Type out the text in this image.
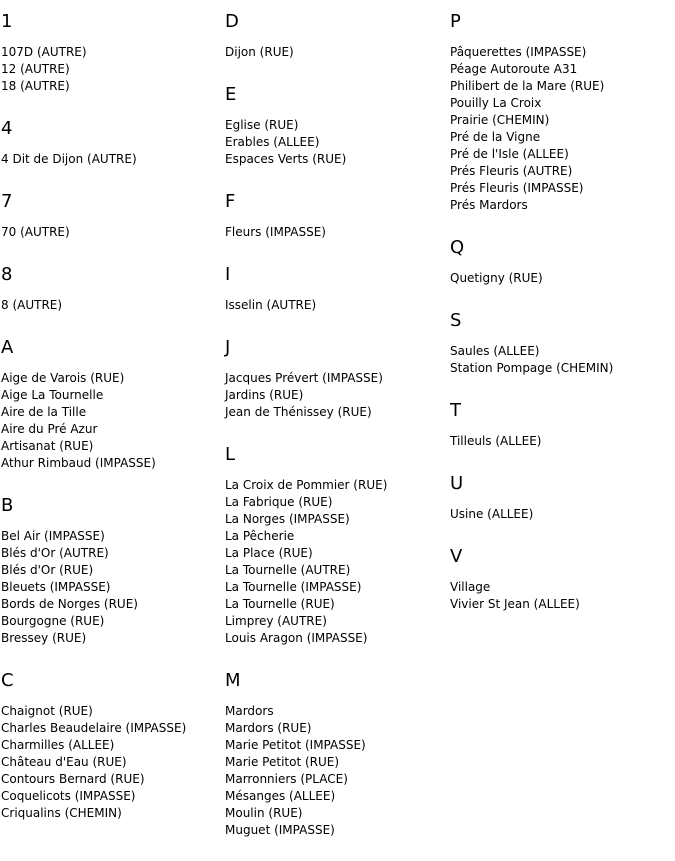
1
107D (AUTRE)
12 (AUTRE)
18 (AUTRE)
4
4 Dit de Dijon (AUTRE)
7
70 (AUTRE)
8
8 (AUTRE)
A
Aige de Varois (RUE)
Aige La Tournelle
Aire de la Tille
Aire du Pré Azur
Artisanat (RUE)
Athur Rimbaud (IMPASSE)
B
Bel Air (IMPASSE)
Blés d'Or (AUTRE)
Blés d'Or (RUE)
Bleuets (IMPASSE)
Bords de Norges (RUE)
Bourgogne (RUE)
Bressey (RUE)
C
Chaignot (RUE)
Charles Beaudelaire (IMPASSE)
Charmilles (ALLEE)
Château d'Eau (RUE)
Contours Bernard (RUE)
Coquelicots (IMPASSE)
Criqualins (CHEMIN)
D
Dijon (RUE)
E
Eglise (RUE)
Erables (ALLEE)
Espaces Verts (RUE)
F
Fleurs (IMPASSE)
I
Isselin (AUTRE)
J
Jacques Prévert (IMPASSE)
Jardins (RUE)
Jean de Thénissey (RUE)
L
La Croix de Pommier (RUE)
La Fabrique (RUE)
La Norges (IMPASSE)
La Pêcherie
La Place (RUE)
La Tournelle (AUTRE)
La Tournelle (IMPASSE)
La Tournelle (RUE)
Limprey (AUTRE)
Louis Aragon (IMPASSE)
M
Mardors
Mardors (RUE)
Marie Petitot (IMPASSE)
Marie Petitot (RUE)
Marronniers (PLACE)
Mésanges (ALLEE)
Moulin (RUE)
Muguet (IMPASSE)
P
Pâquerettes (IMPASSE)
Péage Autoroute A31
Philibert de la Mare (RUE)
Pouilly La Croix
Prairie (CHEMIN)
Pré de la Vigne
Pré de l'Isle (ALLEE)
Prés Fleuris (AUTRE)
Prés Fleuris (IMPASSE)
Prés Mardors
Q
Quetigny (RUE)
S
Saules (ALLEE)
Station Pompage (CHEMIN)
T
Tilleuls (ALLEE)
U
Usine (ALLEE)
V
Village
Vivier St Jean (ALLEE)
